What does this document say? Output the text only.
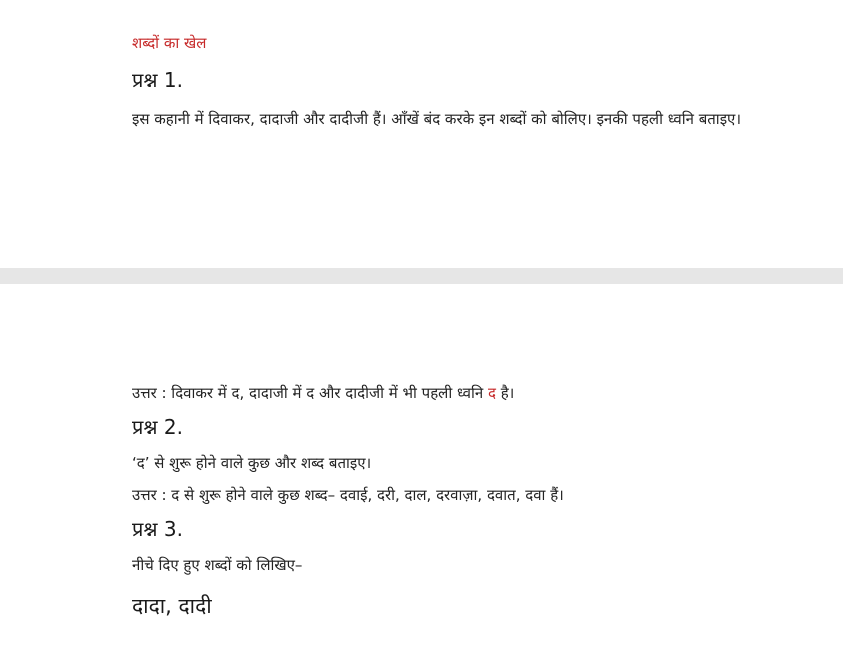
शब्दों का खेल
प्रश्न 1.

इस कहानी में दिवाकर, दादाजी और दादीजी हैं। आँखें बंद करके इन शब्दों को बोलिए। इनकी पहली ध्वनि बताइए।

उत्तर : दिवाकर में द, दादाजी में द और दादीजी में भी पहली ध्वनि द है।
प्रश्न 2.
‘द’ से शुरू होने वाले कुछ और शब्द बताइए।
उत्तर : द से शुरू होने वाले कुछ शब्द– दवाई, दरी, दाल, दरवाज़ा, दवात, दवा हैं।
प्रश्न 3.
नीचे दिए हुए शब्दों को लिखिए–
दादा, दादी
